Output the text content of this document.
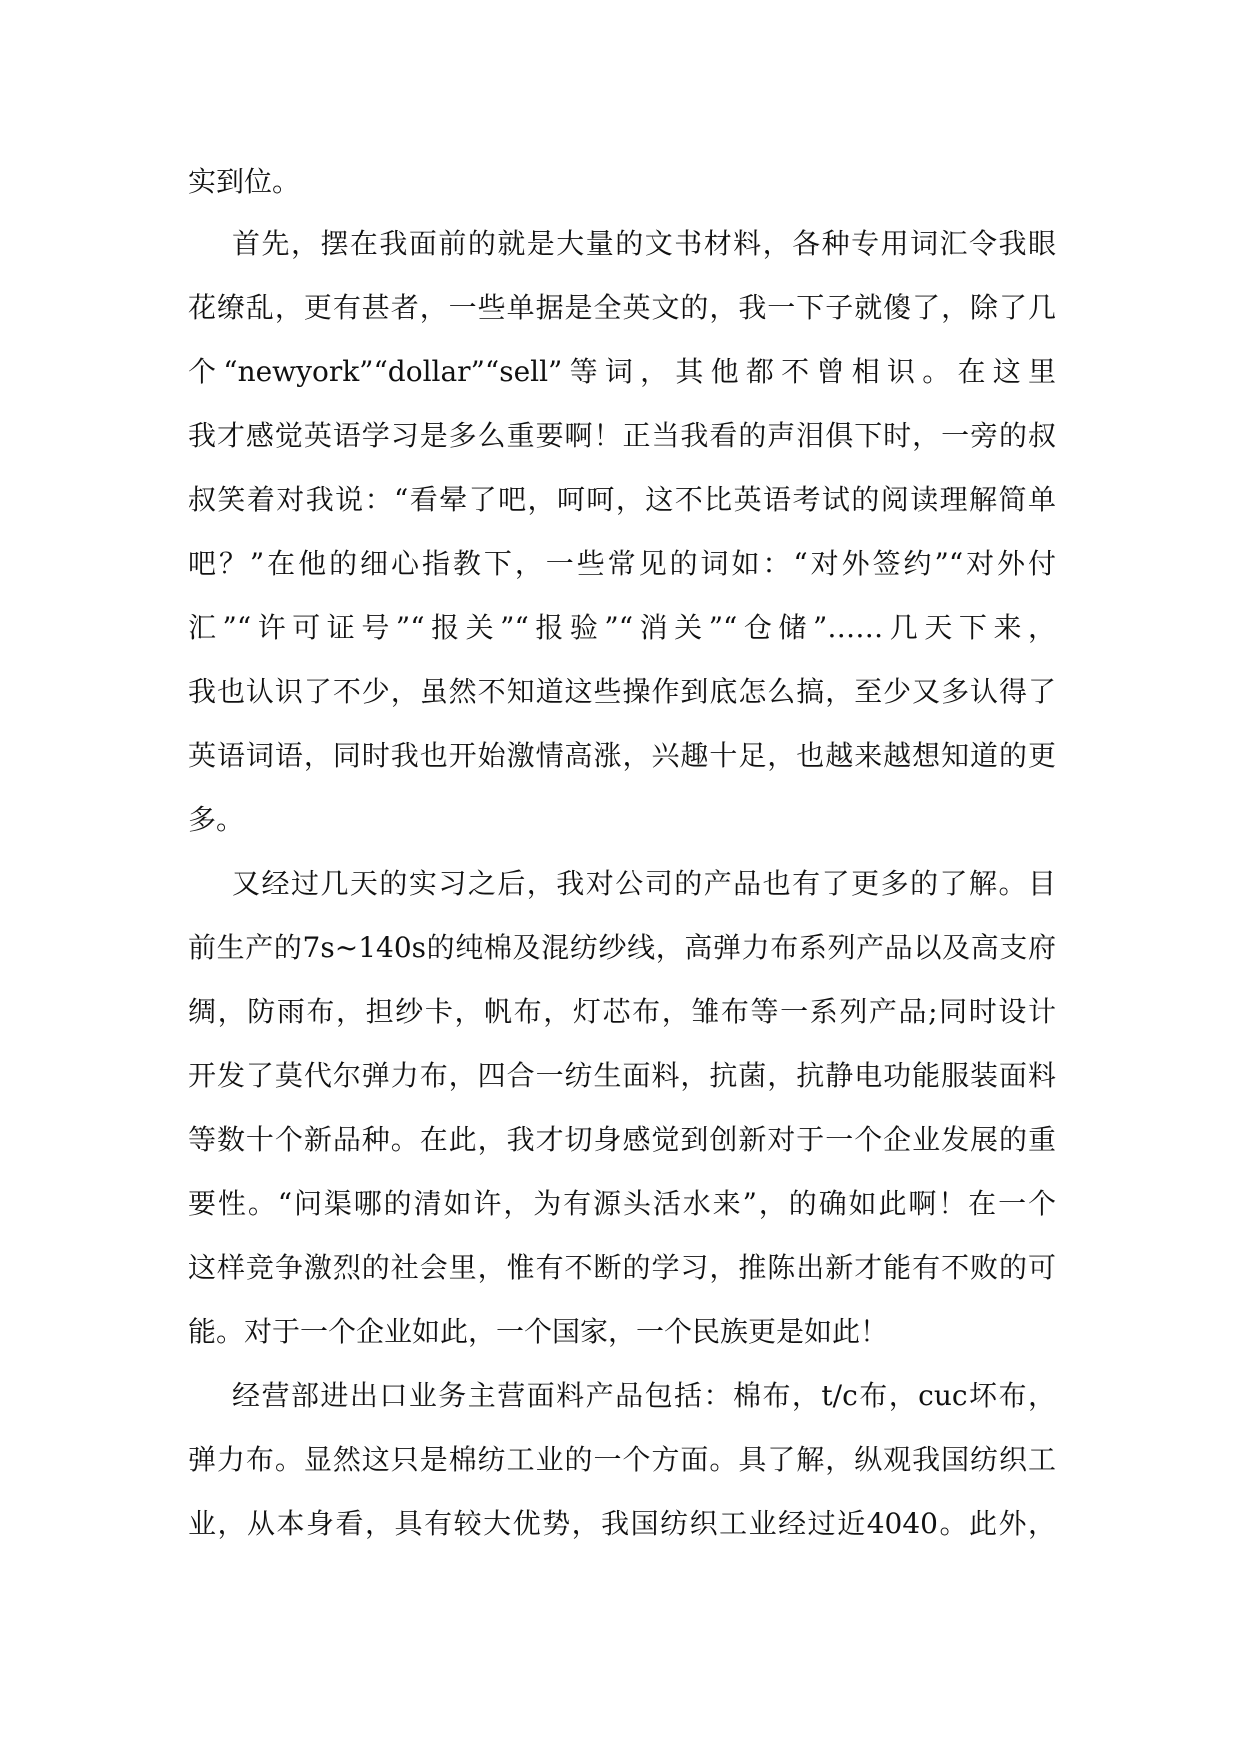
实到位。
首先，摆在我面前的就是大量的文书材料，各种专用词汇令我眼
花缭乱，更有甚者，一些单据是全英文的，我一下子就傻了，除了几
个“newyork”“dollar”“sell”等词，其他都不曾相识。在这里
我才感觉英语学习是多么重要啊！正当我看的声泪俱下时，一旁的叔
叔笑着对我说：“看晕了吧，呵呵，这不比英语考试的阅读理解简单
吧？”在他的细心指教下，一些常见的词如：“对外签约”“对外付
汇”“许可证号”“报关”“报验”“消关”“仓储”……几天下来，
我也认识了不少，虽然不知道这些操作到底怎么搞，至少又多认得了
英语词语，同时我也开始激情高涨，兴趣十足，也越来越想知道的更
多。
又经过几天的实习之后，我对公司的产品也有了更多的了解。目
前生产的7s~140s的纯棉及混纺纱线，高弹力布系列产品以及高支府
绸，防雨布，担纱卡，帆布，灯芯布，雏布等一系列产品;同时设计
开发了莫代尔弹力布，四合一纺生面料，抗菌，抗静电功能服装面料
等数十个新品种。在此，我才切身感觉到创新对于一个企业发展的重
要性。“问渠哪的清如许，为有源头活水来”，的确如此啊！在一个
这样竞争激烈的社会里，惟有不断的学习，推陈出新才能有不败的可
能。对于一个企业如此，一个国家，一个民族更是如此！
经营部进出口业务主营面料产品包括：棉布，t/c布，cuc坏布，
弹力布。显然这只是棉纺工业的一个方面。具了解，纵观我国纺织工
业，从本身看，具有较大优势，我国纺织工业经过近4040。此外，
